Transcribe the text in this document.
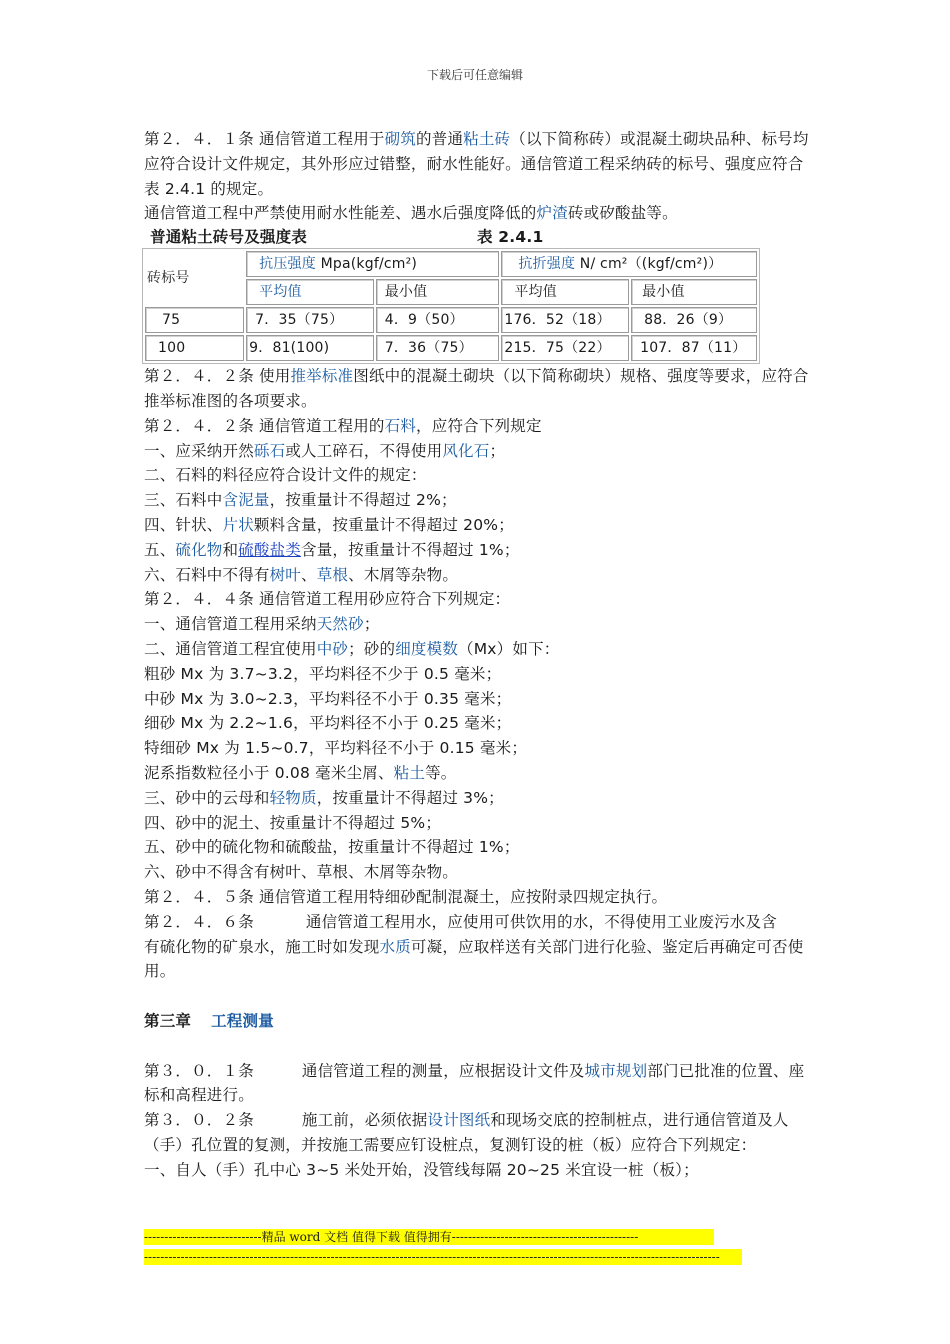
下载后可任意编辑

第２．４．１条 通信管道工程用于砌筑的普通粘土砖（以下简称砖）或混凝土砌块品种、标号均应符合设计文件规定，其外形应过错整，耐水性能好。通信管道工程采纳砖的标号、强度应符合表 2.4.1 的规定。

通信管道工程中严禁使用耐水性能差、遇水后强度降低的炉渣砖或矽酸盐等。

普通粘土砖号及强度表	表 2.4.1
砖标号	抗压强度 Mpa(kgf/cm²)		抗折强度 N/ cm²（(kgf/cm²)）	
	平均值	最小值	平均值	最小值
75	7．35（75）	4．9（50）	176．52（18）	88．26（9）
100	9．81(100)	7．36（75）	215．75（22）	107．87（11）

第２．４．２条 使用推举标准图纸中的混凝土砌块（以下简称砌块）规格、强度等要求，应符合推举标准图的各项要求。

第２．４．２条 通信管道工程用的石料，应符合下列规定

一、应采纳开然砾石或人工碎石，不得使用风化石；

二、石料的料径应符合设计文件的规定：

三、石料中含泥量，按重量计不得超过 2%；

四、针状、片状颗料含量，按重量计不得超过 20%；

五、硫化物和硫酸盐类含量，按重量计不得超过 1%；

六、石料中不得有树叶、草根、木屑等杂物。

第２．４．４条 通信管道工程用砂应符合下列规定：

一、通信管道工程用采纳天然砂；

二、通信管道工程宜使用中砂；砂的细度模数（Mx）如下：

粗砂 Mx 为 3.7~3.2，平均料径不少于 0.5 毫米；

中砂 Mx 为 3.0~2.3，平均料径不小于 0.35 毫米；

细砂 Mx 为 2.2~1.6，平均料径不小于 0.25 毫米；

特细砂 Mx 为 1.5~0.7，平均料径不小于 0.15 毫米；

泥系指数粒径小于 0.08 毫米尘屑、粘土等。

三、砂中的云母和轻物质，按重量计不得超过 3%；

四、砂中的泥土、按重量计不得超过 5%；

五、砂中的硫化物和硫酸盐，按重量计不得超过 1%；

六、砂中不得含有树叶、草根、木屑等杂物。

第２．４．５条 通信管道工程用特细砂配制混凝土，应按附录四规定执行。

第２．４．６条	通信管道工程用水，应使用可供饮用的水，不得使用工业废污水及含

有硫化物的矿泉水，施工时如发现水质可凝，应取样送有关部门进行化验、鉴定后再确定可否使用。

第三章 工程测量

第３．０．１条	通信管道工程的测量，应根据设计文件及城市规划部门已批准的位置、座标和高程进行。

第３．０．２条	施工前，必须依据设计图纸和现场交底的控制桩点，进行通信管道及人（手）孔位置的复测，并按施工需要应钉设桩点，复测钉设的桩（板）应符合下列规定：

一、自人（手）孔中心 3~5 米处开始，没管线每隔 20~25 米宜设一桩（板）；

-----------------------------精品 word 文档 值得下载 值得拥有----------------------------------------------
----------------------------------------------------------------------------------------------------------------------------------------------
